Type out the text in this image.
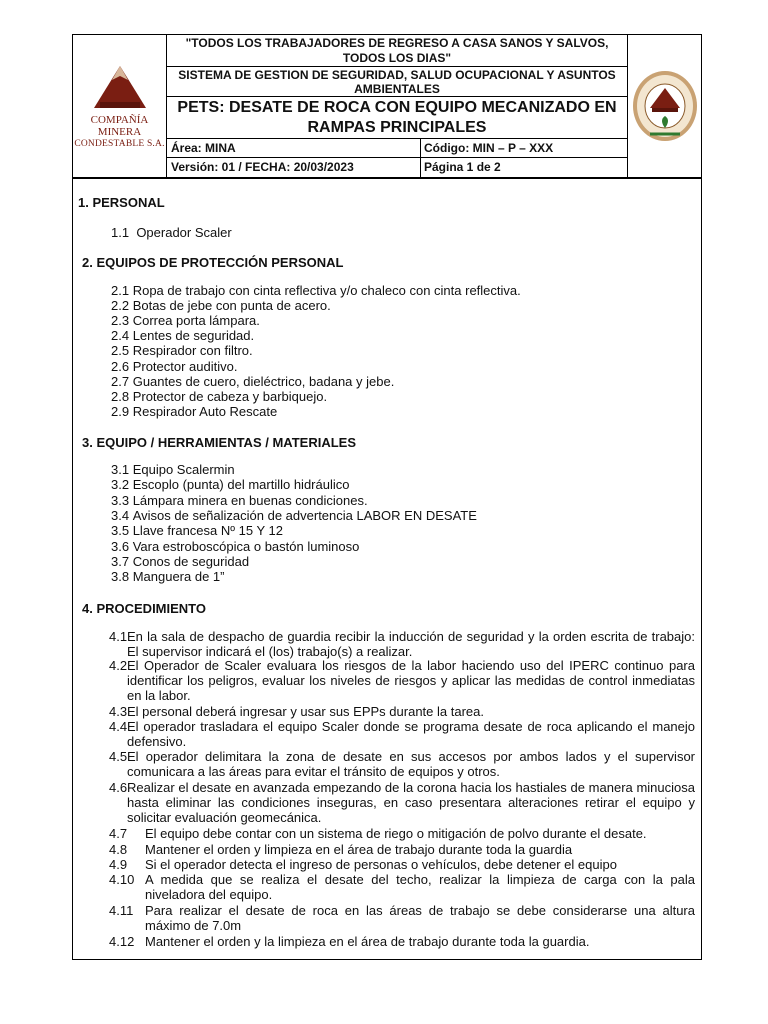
COMPAÑÍA MINERA
CONDESTABLE S.A.
"TODOS LOS TRABAJADORES DE REGRESO A CASA SANOS Y SALVOS, TODOS LOS DIAS"
SISTEMA DE GESTION DE SEGURIDAD, SALUD OCUPACIONAL Y ASUNTOS AMBIENTALES
PETS: DESATE DE ROCA CON EQUIPO MECANIZADO EN RAMPAS PRINCIPALES
Área: MINA	Código: MIN – P – XXX
Versión: 01 / FECHA: 20/03/2023	Página 1 de 2
1. PERSONAL
1.1 Operador Scaler
2. EQUIPOS DE PROTECCIÓN PERSONAL
2.1 Ropa de trabajo con cinta reflectiva y/o chaleco con cinta reflectiva.
2.2 Botas de jebe con punta de acero.
2.3 Correa porta lámpara.
2.4 Lentes de seguridad.
2.5 Respirador con filtro.
2.6 Protector auditivo.
2.7 Guantes de cuero, dieléctrico, badana y jebe.
2.8 Protector de cabeza y barbiquejo.
2.9 Respirador Auto Rescate
3. EQUIPO / HERRAMIENTAS / MATERIALES
3.1 Equipo Scalermin
3.2 Escoplo (punta) del martillo hidráulico
3.3 Lámpara minera en buenas condiciones.
3.4 Avisos de señalización de advertencia LABOR EN DESATE
3.5 Llave francesa Nº 15 Y 12
3.6 Vara estroboscópica o bastón luminoso
3.7 Conos de seguridad
3.8 Manguera de 1”
4. PROCEDIMIENTO
4.1 En la sala de despacho de guardia recibir la inducción de seguridad y la orden escrita de trabajo: El supervisor indicará el (los) trabajo(s) a realizar.
4.2 El Operador de Scaler evaluara los riesgos de la labor haciendo uso del IPERC continuo para identificar los peligros, evaluar los niveles de riesgos y aplicar las medidas de control inmediatas en la labor.
4.3 El personal deberá ingresar y usar sus EPPs durante la tarea.
4.4 El operador trasladara el equipo Scaler donde se programa desate de roca aplicando el manejo defensivo.
4.5 El operador delimitara la zona de desate en sus accesos por ambos lados y el supervisor comunicara a las áreas para evitar el tránsito de equipos y otros.
4.6 Realizar el desate en avanzada empezando de la corona hacia los hastiales de manera minuciosa hasta eliminar las condiciones inseguras, en caso presentara alteraciones retirar el equipo y solicitar evaluación geomecánica.
4.7 El equipo debe contar con un sistema de riego o mitigación de polvo durante el desate.
4.8 Mantener el orden y limpieza en el área de trabajo durante toda la guardia
4.9 Si el operador detecta el ingreso de personas o vehículos, debe detener el equipo
4.10 A medida que se realiza el desate del techo, realizar la limpieza de carga con la pala niveladora del equipo.
4.11 Para realizar el desate de roca en las áreas de trabajo se debe considerarse una altura máximo de 7.0m
4.12 Mantener el orden y la limpieza en el área de trabajo durante toda la guardia.
